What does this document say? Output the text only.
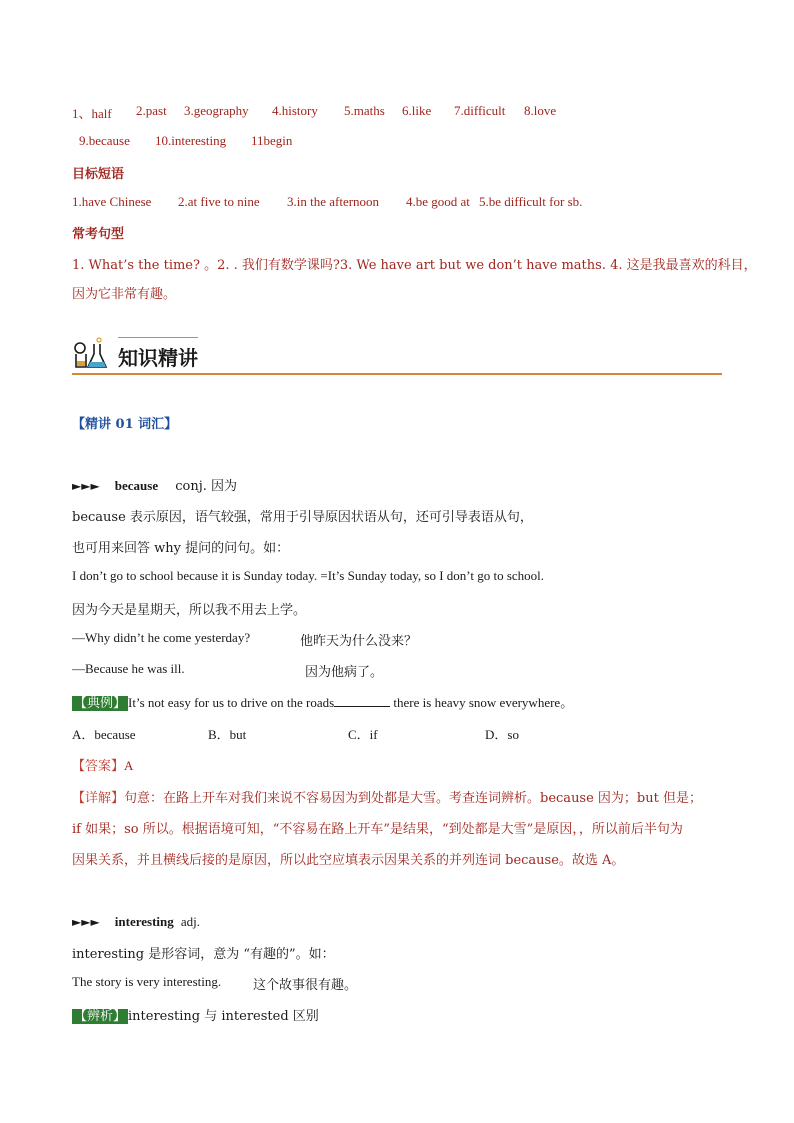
1、half 2.past 3.geography 4.history 5.maths 6.like 7.difficult 8.love
9.because 10.interesting 11begin
目标短语
1.have Chinese 2.at five to nine 3.in the afternoon 4.be good at 5.be difficult for sb.
常考句型
1. What’s the time? 。2. . 我们有数学课吗?3. We have art but we don’t have maths. 4. 这是我最喜欢的科目，
因为它非常有趣。
知识精讲
【精讲 01 词汇】
►►► because conj. 因为
because 表示原因，语气较强，常用于引导原因状语从句，还可引导表语从句，
也可用来回答 why 提问的问句。如：
I don’t go to school because it is Sunday today. =It’s Sunday today, so I don’t go to school.
因为今天是星期天，所以我不用去上学。
—Why didn’t he come yesterday?	他昨天为什么没来？
—Because he was ill.	因为他病了。
【典例】 It’s not easy for us to drive on the roads	there is heavy snow everywhere。
A．because	B．but	C．if	D．so
【答案】A
【详解】句意：在路上开车对我们来说不容易因为到处都是大雪。考查连词辨析。because 因为；but 但是；
if 如果；so 所以。根据语境可知，“不容易在路上开车”是结果，“到处都是大雪”是原因，，所以前后半句为
因果关系，并且横线后接的是原因，所以此空应填表示因果关系的并列连词 because。故选 A。
►►► interesting adj.
interesting 是形容词，意为 “有趣的”。如：
The story is very interesting. 这个故事很有趣。
【辨析】 interesting 与 interested 区别
